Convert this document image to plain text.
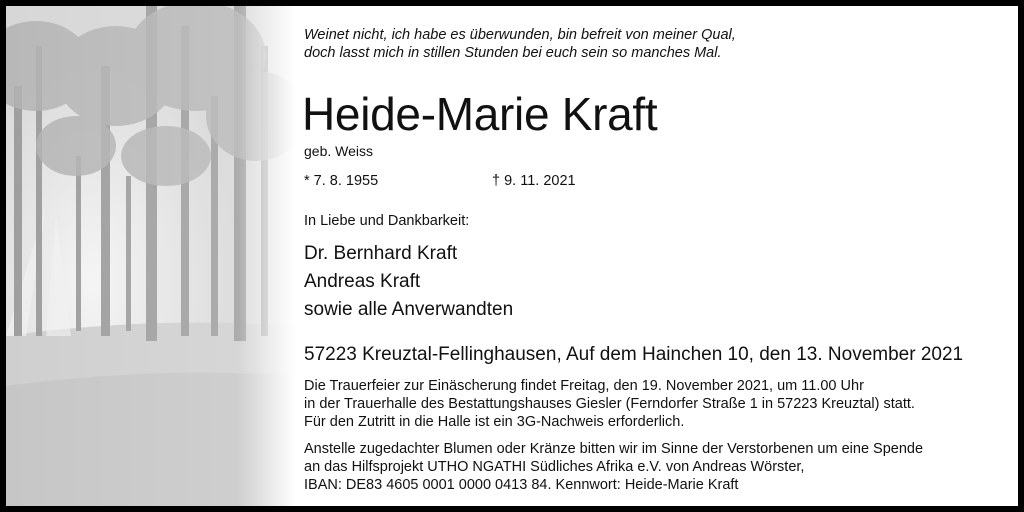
Weinet nicht, ich habe es überwunden, bin befreit von meiner Qual,
doch lasst mich in stillen Stunden bei euch sein so manches Mal.
Heide-Marie Kraft
geb. Weiss
* 7. 8. 1955	† 9. 11. 2021
In Liebe und Dankbarkeit:
Dr. Bernhard Kraft
Andreas Kraft
sowie alle Anverwandten
57223 Kreuztal-Fellinghausen, Auf dem Hainchen 10, den 13. November 2021
Die Trauerfeier zur Einäscherung findet Freitag, den 19. November 2021, um 11.00 Uhr
in der Trauerhalle des Bestattungshauses Giesler (Ferndorfer Straße 1 in 57223 Kreuztal) statt.
Für den Zutritt in die Halle ist ein 3G-Nachweis erforderlich.
Anstelle zugedachter Blumen oder Kränze bitten wir im Sinne der Verstorbenen um eine Spende
an das Hilfsprojekt UTHO NGATHI Südliches Afrika e.V. von Andreas Wörster,
IBAN: DE83 4605 0001 0000 0413 84. Kennwort: Heide-Marie Kraft
